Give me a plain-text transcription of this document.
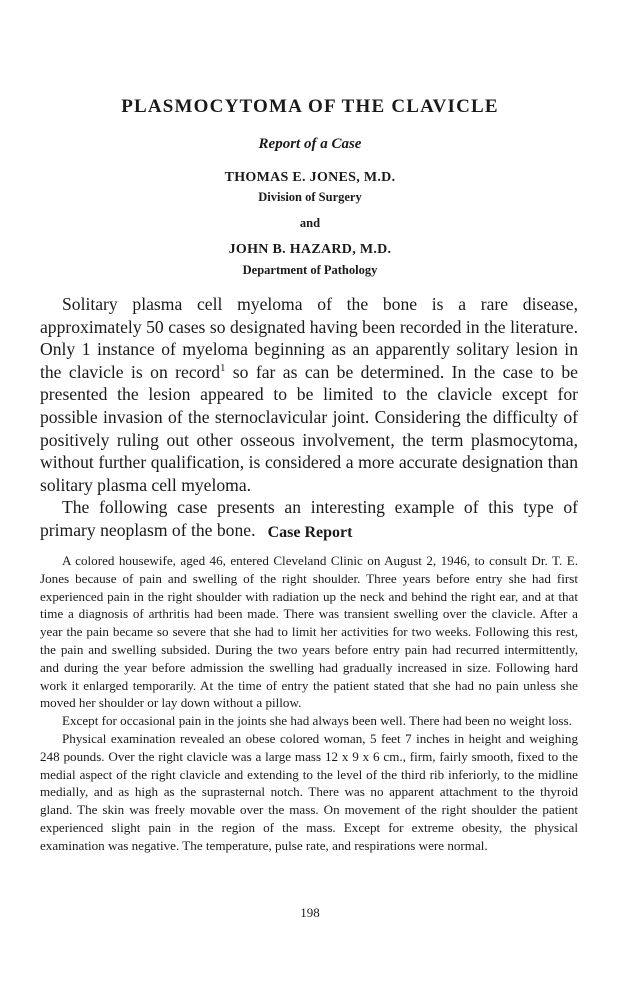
PLASMOCYTOMA OF THE CLAVICLE
Report of a Case
THOMAS E. JONES, M.D.
Division of Surgery
and
JOHN B. HAZARD, M.D.
Department of Pathology

Solitary plasma cell myeloma of the bone is a rare disease, approximately 50 cases so designated having been recorded in the literature. Only 1 instance of myeloma beginning as an apparently solitary lesion in the clavicle is on record$^1$ so far as can be determined. In the case to be presented the lesion appeared to be limited to the clavicle except for possible invasion of the sternoclavicular joint. Considering the difficulty of positively ruling out other osseous involvement, the term plasmocytoma, without further qualification, is considered a more accurate designation than solitary plasma cell myeloma.

The following case presents an interesting example of this type of primary neoplasm of the bone. Case Report

A colored housewife, aged 46, entered Cleveland Clinic on August 2, 1946, to consult Dr. T. E. Jones because of pain and swelling of the right shoulder. Three years before entry she had first experienced pain in the right shoulder with radiation up the neck and behind the right ear, and at that time a diagnosis of arthritis had been made. There was transient swelling over the clavicle. After a year the pain became so severe that she had to limit her activities for two weeks. Following this rest, the pain and swelling subsided. During the two years before entry pain had recurred intermittently, and during the year before admission the swelling had gradually increased in size. Following hard work it enlarged temporarily. At the time of entry the patient stated that she had no pain unless she moved her shoulder or lay down without a pillow.

Except for occasional pain in the joints she had always been well. There had been no weight loss.

Physical examination revealed an obese colored woman, 5 feet 7 inches in height and weighing 248 pounds. Over the right clavicle was a large mass 12 x 9 x 6 cm., firm, fairly smooth, fixed to the medial aspect of the right clavicle and extending to the level of the third rib inferiorly, to the midline medially, and as high as the suprasternal notch. There was no apparent attachment to the thyroid gland. The skin was freely movable over the mass. On movement of the right shoulder the patient experienced slight pain in the region of the mass. Except for extreme obesity, the physical examination was negative. The temperature, pulse rate, and respirations were normal.

198
